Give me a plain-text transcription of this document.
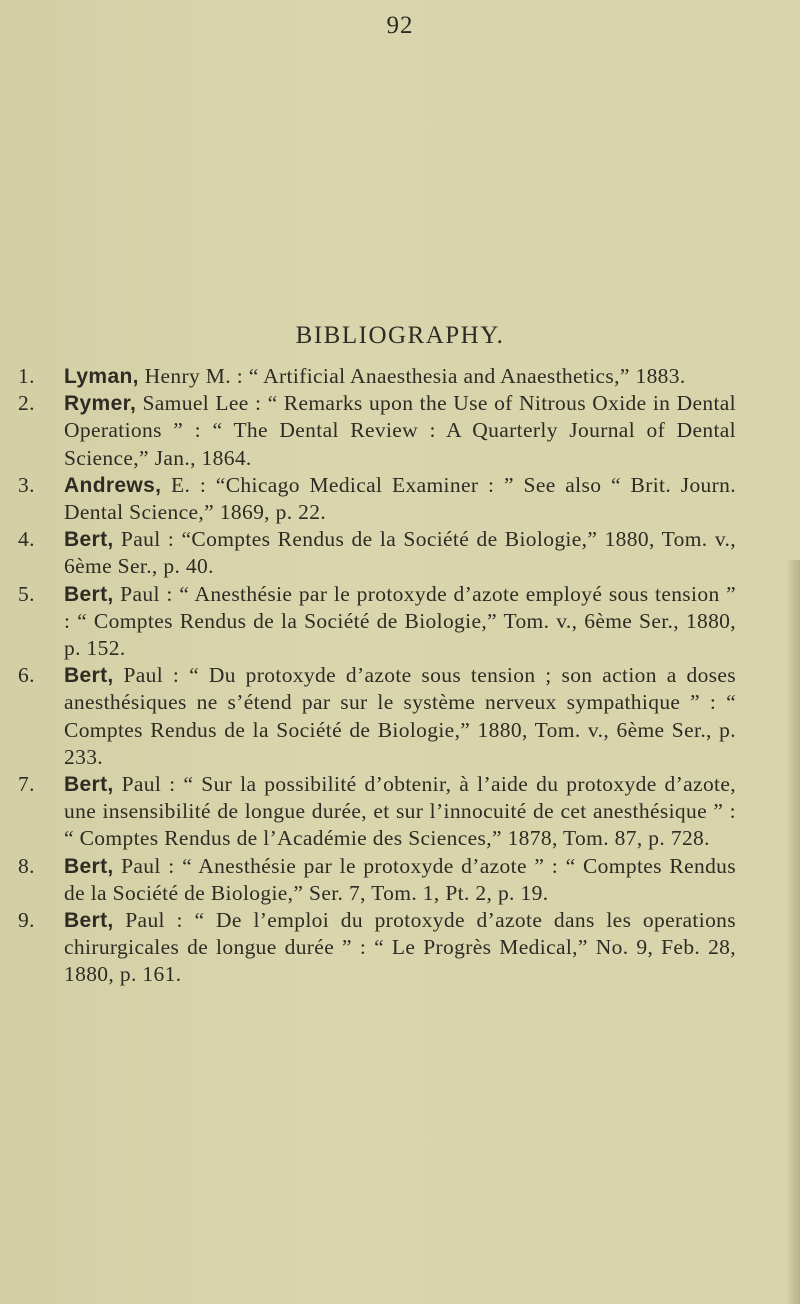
92
BIBLIOGRAPHY.
1.	Lyman, Henry M. : “ Artificial Anaesthesia and Anaesthetics,” 1883.
2.	Rymer, Samuel Lee : “ Remarks upon the Use of Nitrous Oxide in Dental Operations ” : “ The Dental Review : A Quarterly Journal of Dental Science,” Jan., 1864.
3.	Andrews, E. : “Chicago Medical Examiner : ” See also “ Brit. Journ. Dental Science,” 1869, p. 22.
4.	Bert, Paul : “Comptes Rendus de la Société de Biologie,” 1880, Tom. v., 6ème Ser., p. 40.
5.	Bert, Paul : “ Anesthésie par le protoxyde d’azote employé sous tension ” : “ Comptes Rendus de la Société de Biologie,” Tom. v., 6ème Ser., 1880, p. 152.
6.	Bert, Paul : “ Du protoxyde d’azote sous tension ; son action a doses anesthésiques ne s’étend par sur le système nerveux sympathique ” : “ Comptes Rendus de la Société de Biologie,” 1880, Tom. v., 6ème Ser., p. 233.
7.	Bert, Paul : “ Sur la possibilité d’obtenir, à l’aide du protoxyde d’azote, une insensibilité de longue durée, et sur l’innocuité de cet anesthésique ” : “ Comptes Rendus de l’Académie des Sciences,” 1878, Tom. 87, p. 728.
8.	Bert, Paul : “ Anesthésie par le protoxyde d’azote ” : “ Comptes Rendus de la Société de Biologie,” Ser. 7, Tom. 1, Pt. 2, p. 19.
9.	Bert, Paul : “ De l’emploi du protoxyde d’azote dans les operations chirurgicales de longue durée ” : “ Le Progrès Medical,” No. 9, Feb. 28, 1880, p. 161.
